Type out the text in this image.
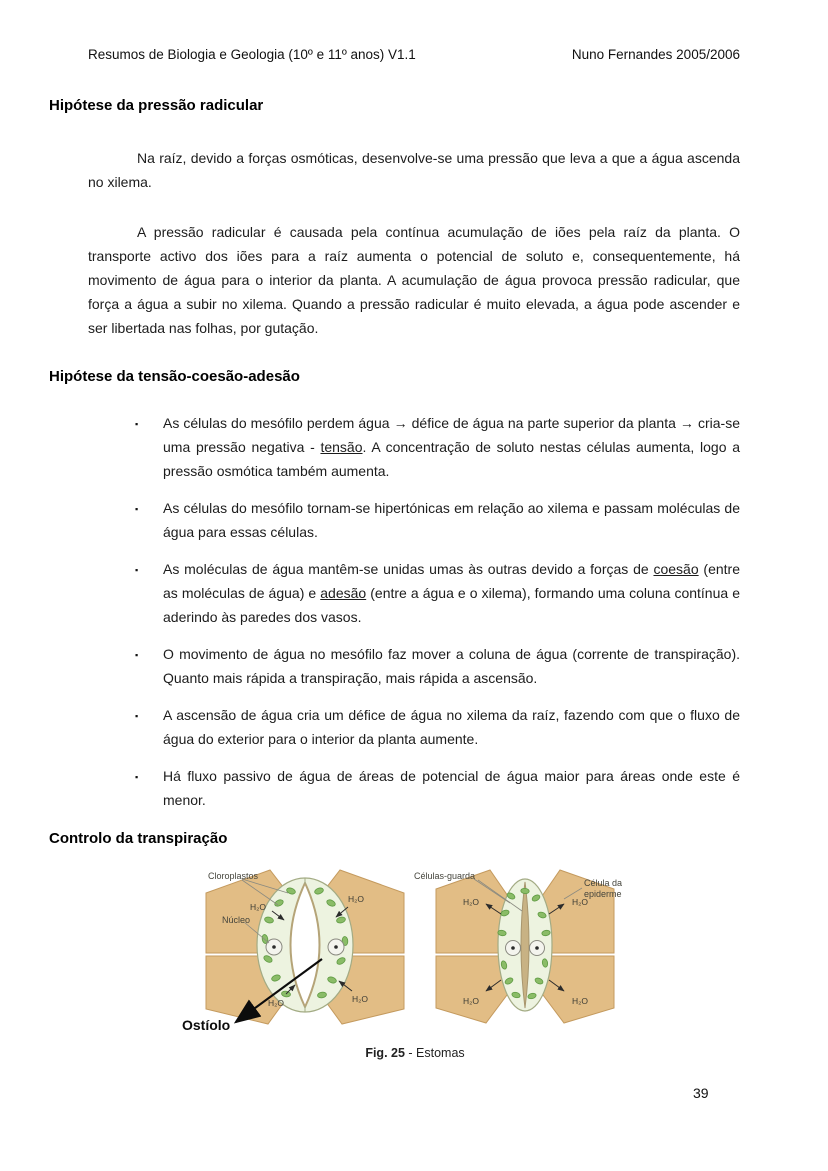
Resumos de Biologia e Geologia (10º e 11º anos) V1.1	Nuno Fernandes 2005/2006
Hipótese da pressão radicular

Na raíz, devido a forças osmóticas, desenvolve-se uma pressão que leva a que a água ascenda no xilema.

A pressão radicular é causada pela contínua acumulação de iões pela raíz da planta. O transporte activo dos iões para a raíz aumenta o potencial de soluto e, consequentemente, há movimento de água para o interior da planta. A acumulação de água provoca pressão radicular, que força a água a subir no xilema. Quando a pressão radicular é muito elevada, a água pode ascender e ser libertada nas folhas, por gutação.

Hipótese da tensão-coesão-adesão
▪ As células do mesófilo perdem água → défice de água na parte superior da planta → cria-se uma pressão negativa - tensão. A concentração de soluto nestas células aumenta, logo a pressão osmótica também aumenta.
▪ As células do mesófilo tornam-se hipertónicas em relação ao xilema e passam moléculas de água para essas células.
▪ As moléculas de água mantêm-se unidas umas às outras devido a forças de coesão (entre as moléculas de água) e adesão (entre a água e o xilema), formando uma coluna contínua e aderindo às paredes dos vasos.
▪ O movimento de água no mesófilo faz mover a coluna de água (corrente de transpiração). Quanto mais rápida a transpiração, mais rápida a ascensão.
▪ A ascensão de água cria um défice de água no xilema da raíz, fazendo com que o fluxo de água do exterior para o interior da planta aumente.
▪ Há fluxo passivo de água de áreas de potencial de água maior para áreas onde este é menor.
Controlo da transpiração
H₂O
H₂O
H₂O	H₂O
Cloroplastos
Núcleo
Ostíolo
H₂O	H₂O
H₂O	H₂O
Células-guarda
Célula da
epiderme
Fig. 25 - Estomas
39
